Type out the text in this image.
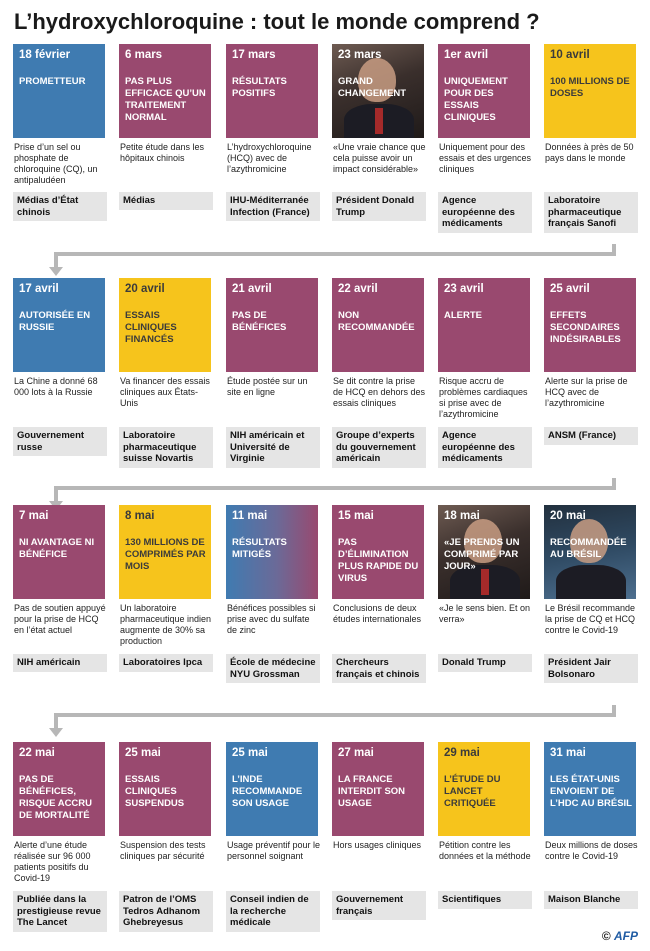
L’hydroxychloroquine : tout le monde comprend ?
18 février
PROMETTEUR
Prise d’un sel ou phosphate de chloroquine (CQ), un antipaludéen
Médias d’État chinois
6 mars
PAS PLUS EFFICACE QU’UN TRAITEMENT NORMAL
Petite étude dans les hôpitaux chinois
Médias
17 mars
RÉSULTATS POSITIFS
L’hydroxychloroquine (HCQ) avec de l’azythromicine
IHU-Méditerranée Infection (France)
23 mars
GRAND CHANGEMENT
«Une vraie chance que cela puisse avoir un impact considérable»
Président Donald Trump
1er avril
UNIQUEMENT POUR DES ESSAIS CLINIQUES
Uniquement pour des essais et des urgences cliniques
Agence européenne des médicaments
10 avril
100 MILLIONS DE DOSES
Données à près de 50 pays dans le monde
Laboratoire pharmaceutique français Sanofi
17 avril
AUTORISÉE EN RUSSIE
La Chine a donné 68 000 lots à la Russie
Gouvernement russe
20 avril
ESSAIS CLINIQUES FINANCÉS
Va financer des essais cliniques aux États-Unis
Laboratoire pharmaceutique suisse Novartis
21 avril
PAS DE BÉNÉFICES
Étude postée sur un site en ligne
NIH américain et Université de Virginie
22 avril
NON RECOMMANDÉE
Se dit contre la prise de HCQ en dehors des essais cliniques
Groupe d’experts du gouvernement américain
23 avril
ALERTE
Risque accru de problèmes cardiaques si prise avec de l’azythromicine
Agence européenne des médicaments
25 avril
EFFETS SECONDAIRES INDÉSIRABLES
Alerte sur la prise de HCQ avec de l’azythromicine
ANSM (France)
7 mai
NI AVANTAGE NI BÉNÉFICE
Pas de soutien appuyé pour la prise de HCQ en l’état actuel
NIH américain
8 mai
130 MILLIONS DE COMPRIMÉS PAR MOIS
Un laboratoire pharmaceutique indien augmente de 30% sa production
Laboratoires Ipca
11 mai
RÉSULTATS MITIGÉS
Bénéfices possibles si prise avec du sulfate de zinc
École de médecine NYU Grossman
15 mai
PAS D’ÉLIMINATION PLUS RAPIDE DU VIRUS
Conclusions de deux études internationales
Chercheurs français et chinois
18 mai
«JE PRENDS UN COMPRIMÉ PAR JOUR»
«Je le sens bien. Et on verra»
Donald Trump
20 mai
RECOMMANDÉE AU BRÉSIL
Le Brésil recommande la prise de CQ et HCQ contre le Covid-19
Président Jair Bolsonaro
22 mai
PAS DE BÉNÉFICES, RISQUE ACCRU DE MORTALITÉ
Alerte d’une étude réalisée sur 96 000 patients positifs du Covid-19
Publiée dans la prestigieuse revue The Lancet
25 mai
ESSAIS CLINIQUES SUSPENDUS
Suspension des tests cliniques par sécurité
Patron de l’OMS Tedros Adhanom Ghebreyesus
25 mai
L’INDE RECOMMANDE SON USAGE
Usage préventif pour le personnel soignant
Conseil indien de la recherche médicale
27 mai
LA FRANCE INTERDIT SON USAGE
Hors usages cliniques
Gouvernement français
29 mai
L’ÉTUDE DU LANCET CRITIQUÉE
Pétition contre les données et la méthode
Scientifiques
31 mai
LES ÉTAT-UNIS ENVOIENT DE L’HDC AU BRÉSIL
Deux millions de doses contre le Covid-19
Maison Blanche
© AFP
